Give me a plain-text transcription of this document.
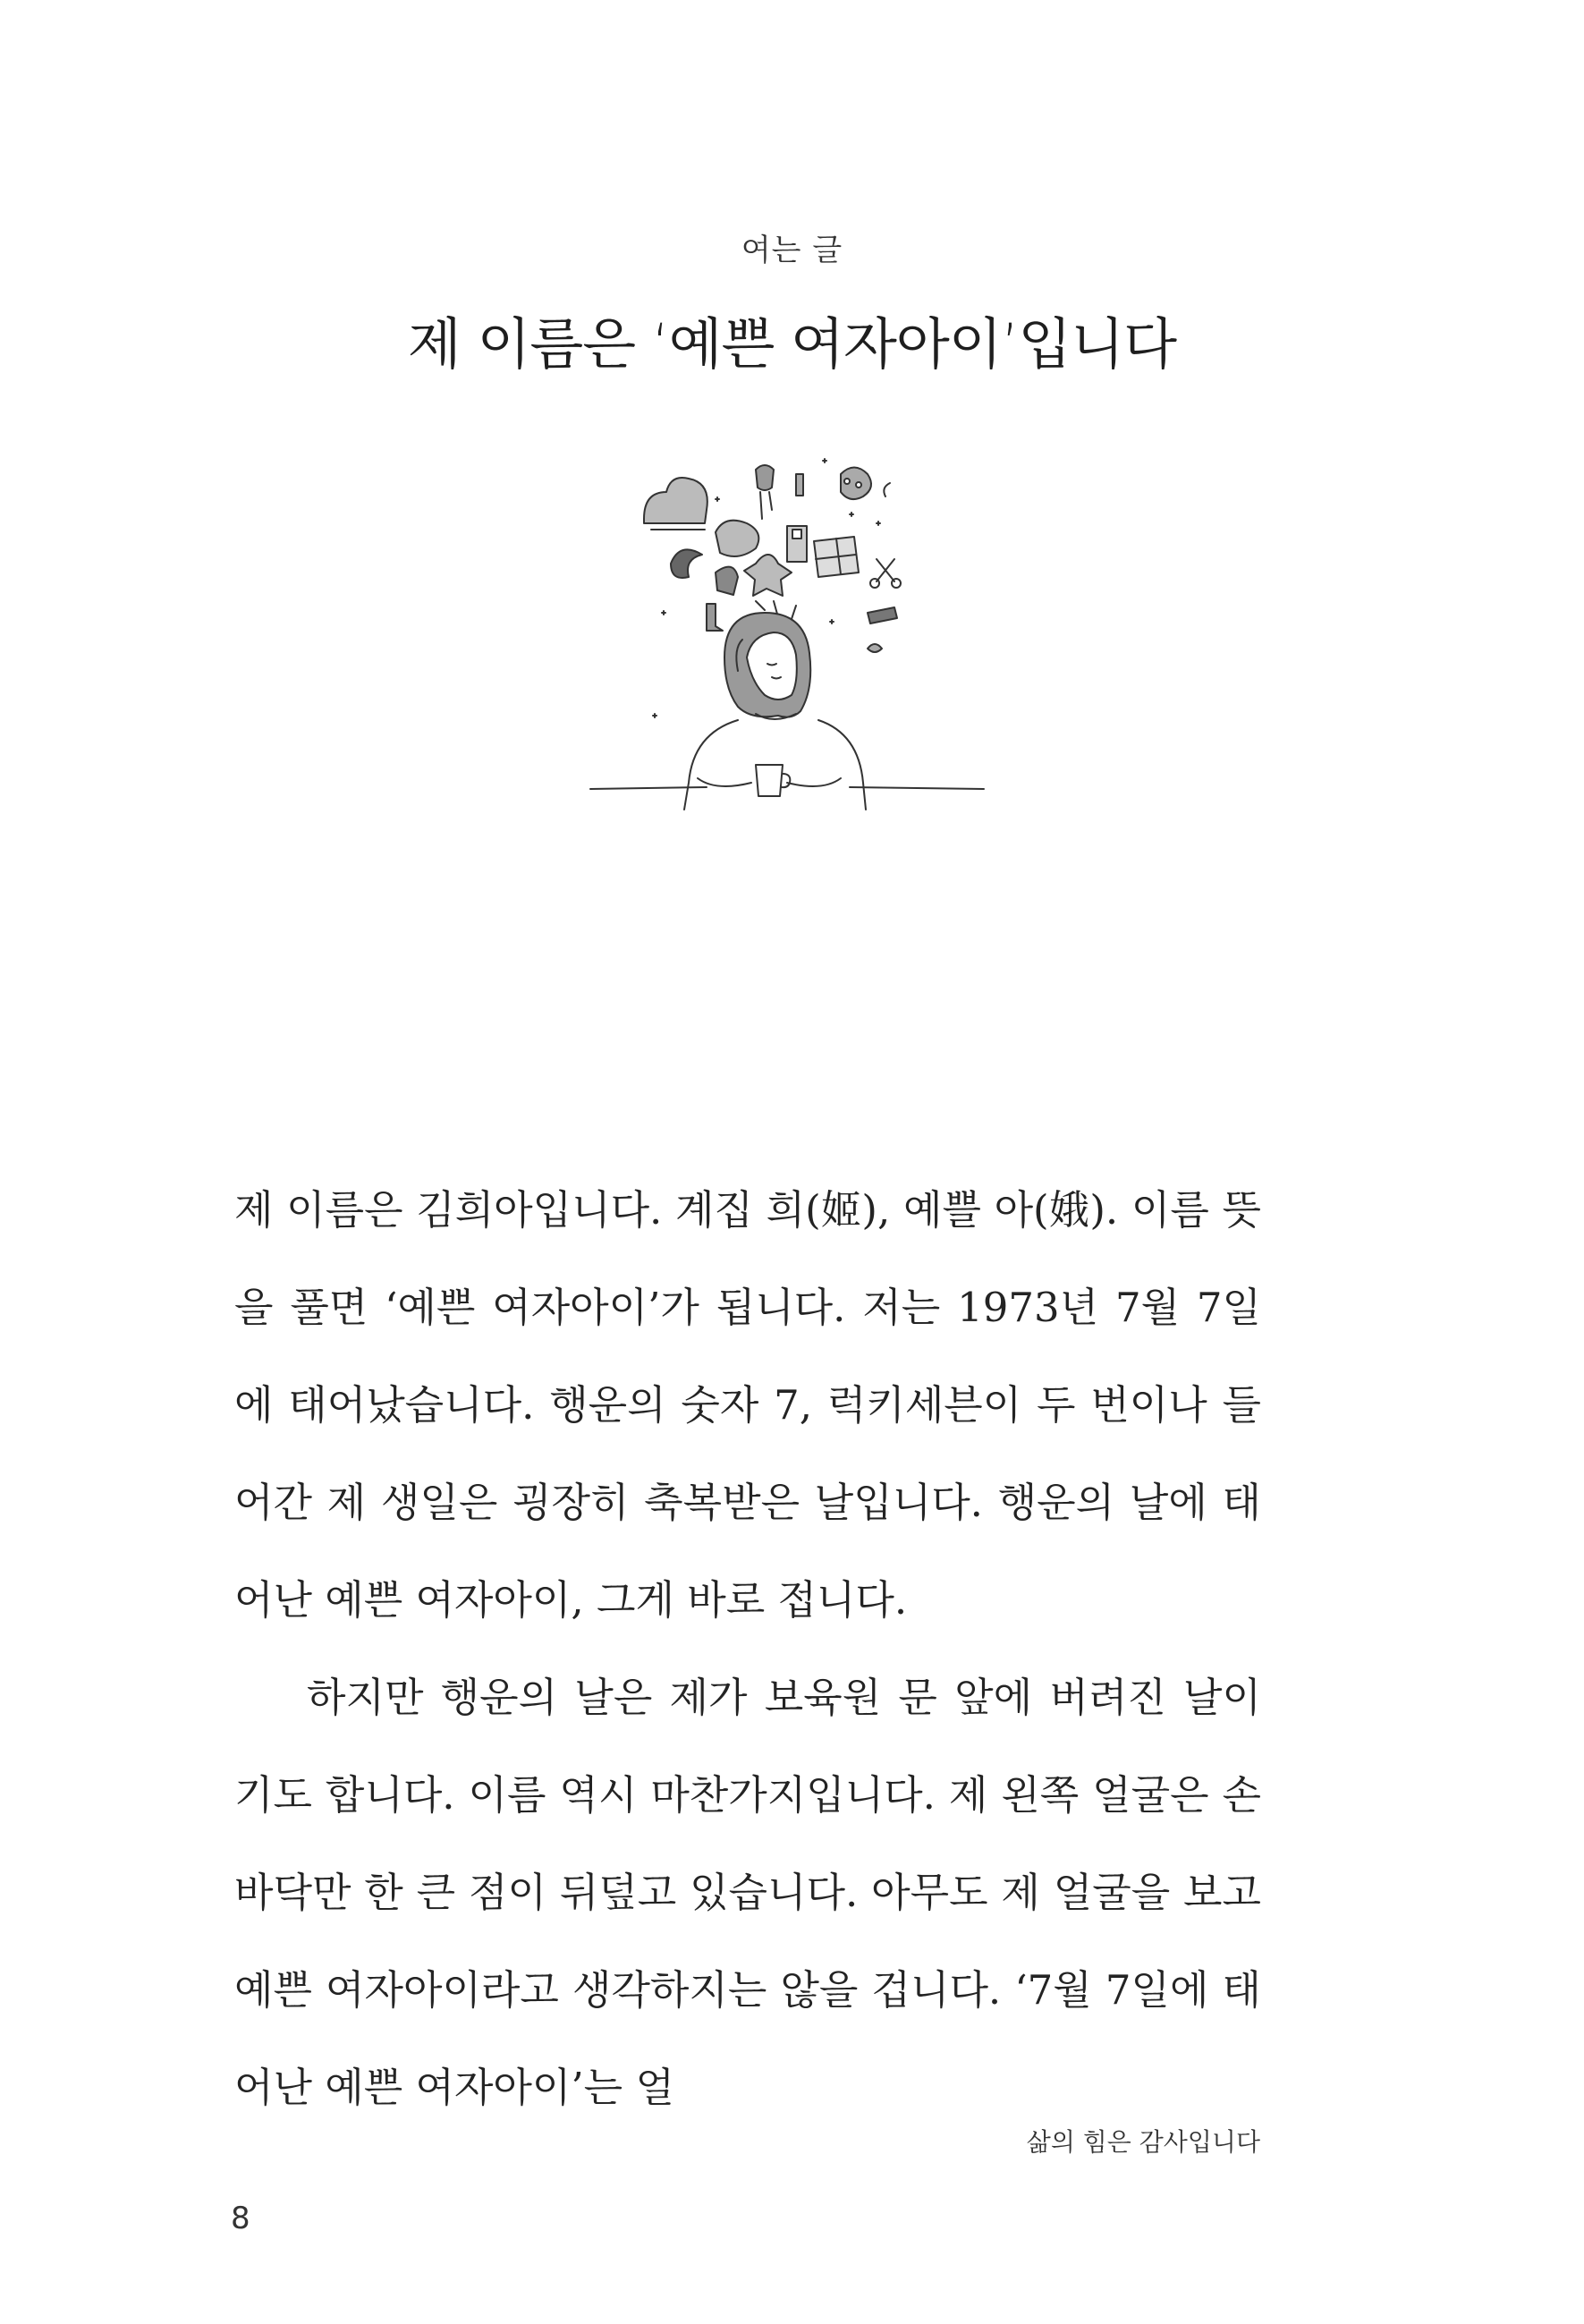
여는 글
제 이름은 ‘예쁜 여자아이’입니다

제 이름은 김희아입니다. 계집 희(姬), 예쁠 아(娥). 이름 뜻을 풀면 ‘예쁜 여자아이’가 됩니다. 저는 1973년 7월 7일에 태어났습니다. 행운의 숫자 7, 럭키세븐이 두 번이나 들어간 제 생일은 굉장히 축복받은 날입니다. 행운의 날에 태어난 예쁜 여자아이, 그게 바로 접니다.

하지만 행운의 날은 제가 보육원 문 앞에 버려진 날이기도 합니다. 이름 역시 마찬가지입니다. 제 왼쪽 얼굴은 손바닥만 한 큰 점이 뒤덮고 있습니다. 아무도 제 얼굴을 보고 예쁜 여자아이라고 생각하지는 않을 겁니다. ‘7월 7일에 태어난 예쁜 여자아이’는 얼

삶의 힘은 감사입니다
8
